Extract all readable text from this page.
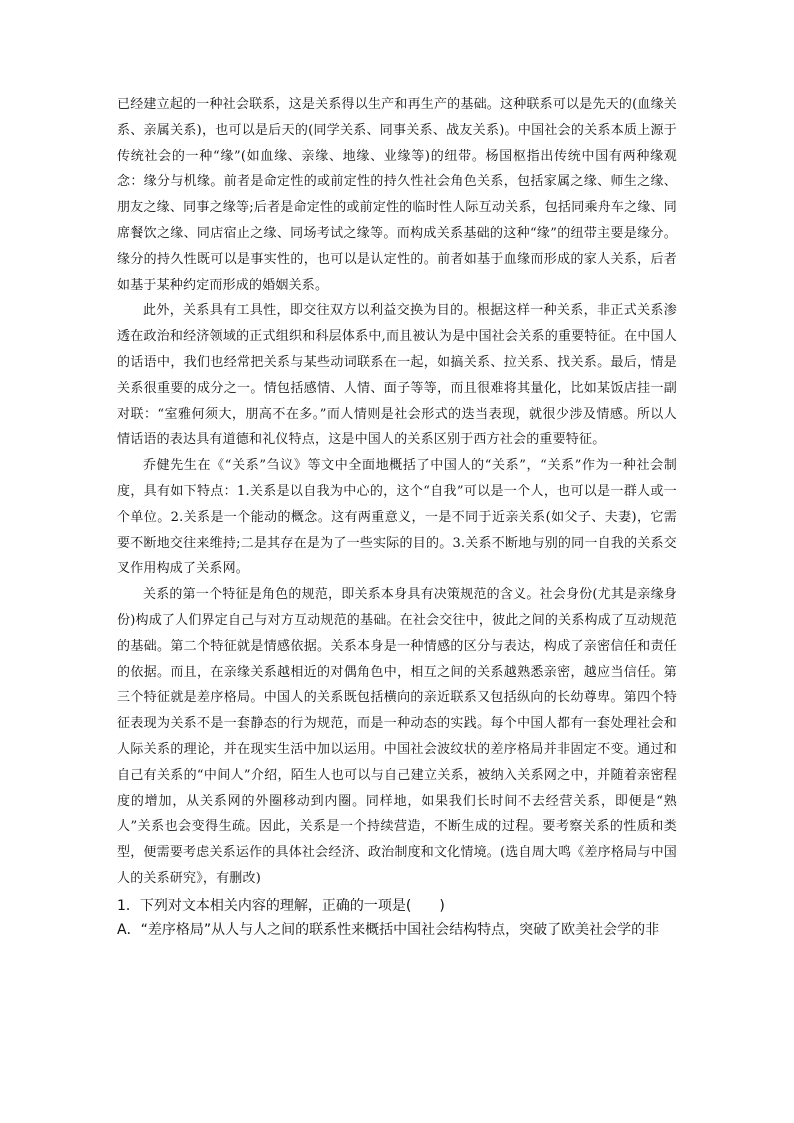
已经建立起的一种社会联系，这是关系得以生产和再生产的基础。这种联系可以是先天的(血缘关系、亲属关系)，也可以是后天的(同学关系、同事关系、战友关系)。中国社会的关系本质上源于传统社会的一种“缘”(如血缘、亲缘、地缘、业缘等)的纽带。杨国枢指出传统中国有两种缘观念：缘分与机缘。前者是命定性的或前定性的持久性社会角色关系，包括家属之缘、师生之缘、朋友之缘、同事之缘等;后者是命定性的或前定性的临时性人际互动关系，包括同乘舟车之缘、同席餐饮之缘、同店宿止之缘、同场考试之缘等。而构成关系基础的这种“缘”的纽带主要是缘分。缘分的持久性既可以是事实性的，也可以是认定性的。前者如基于血缘而形成的家人关系，后者如基于某种约定而形成的婚姻关系。

此外，关系具有工具性，即交往双方以利益交换为目的。根据这样一种关系，非正式关系渗透在政治和经济领域的正式组织和科层体系中,而且被认为是中国社会关系的重要特征。在中国人的话语中，我们也经常把关系与某些动词联系在一起，如搞关系、拉关系、找关系。最后，情是关系很重要的成分之一。情包括感情、人情、面子等等，而且很难将其量化，比如某饭店挂一副对联：“室雅何须大，朋高不在多。”而人情则是社会形式的迭当表现，就很少涉及情感。所以人情话语的表达具有道德和礼仪特点，这是中国人的关系区别于西方社会的重要特征。

乔健先生在《“关系”刍议》等文中全面地概括了中国人的“关系”，“关系”作为一种社会制度，具有如下特点：1.关系是以自我为中心的，这个“自我”可以是一个人，也可以是一群人或一个单位。2.关系是一个能动的概念。这有两重意义，一是不同于近亲关系(如父子、夫妻)，它需要不断地交往来维持;二是其存在是为了一些实际的目的。3.关系不断地与别的同一自我的关系交叉作用构成了关系网。

关系的第一个特征是角色的规范，即关系本身具有决策规范的含义。社会身份(尤其是亲缘身份)构成了人们界定自己与对方互动规范的基础。在社会交往中，彼此之间的关系构成了互动规范的基础。第二个特征就是情感依据。关系本身是一种情感的区分与表达，构成了亲密信任和责任的依据。而且，在亲缘关系越相近的对偶角色中，相互之间的关系越熟悉亲密，越应当信任。第三个特征就是差序格局。中国人的关系既包括横向的亲近联系又包括纵向的长幼尊卑。第四个特征表现为关系不是一套静态的行为规范，而是一种动态的实践。每个中国人都有一套处理社会和人际关系的理论，并在现实生活中加以运用。中国社会波纹状的差序格局并非固定不变。通过和自己有关系的“中间人”介绍，陌生人也可以与自己建立关系，被纳入关系网之中，并随着亲密程度的增加，从关系网的外圈移动到内圈。同样地，如果我们长时间不去经营关系，即便是“熟人”关系也会变得生疏。因此，关系是一个持续营造，不断生成的过程。要考察关系的性质和类型，便需要考虑关系运作的具体社会经济、政治制度和文化情境。(选自周大鸣《差序格局与中国人的关系研究》，有删改)

1．下列对文本相关内容的理解，正确的一项是(　　)

A．“差序格局”从人与人之间的联系性来概括中国社会结构特点，突破了欧美社会学的非
